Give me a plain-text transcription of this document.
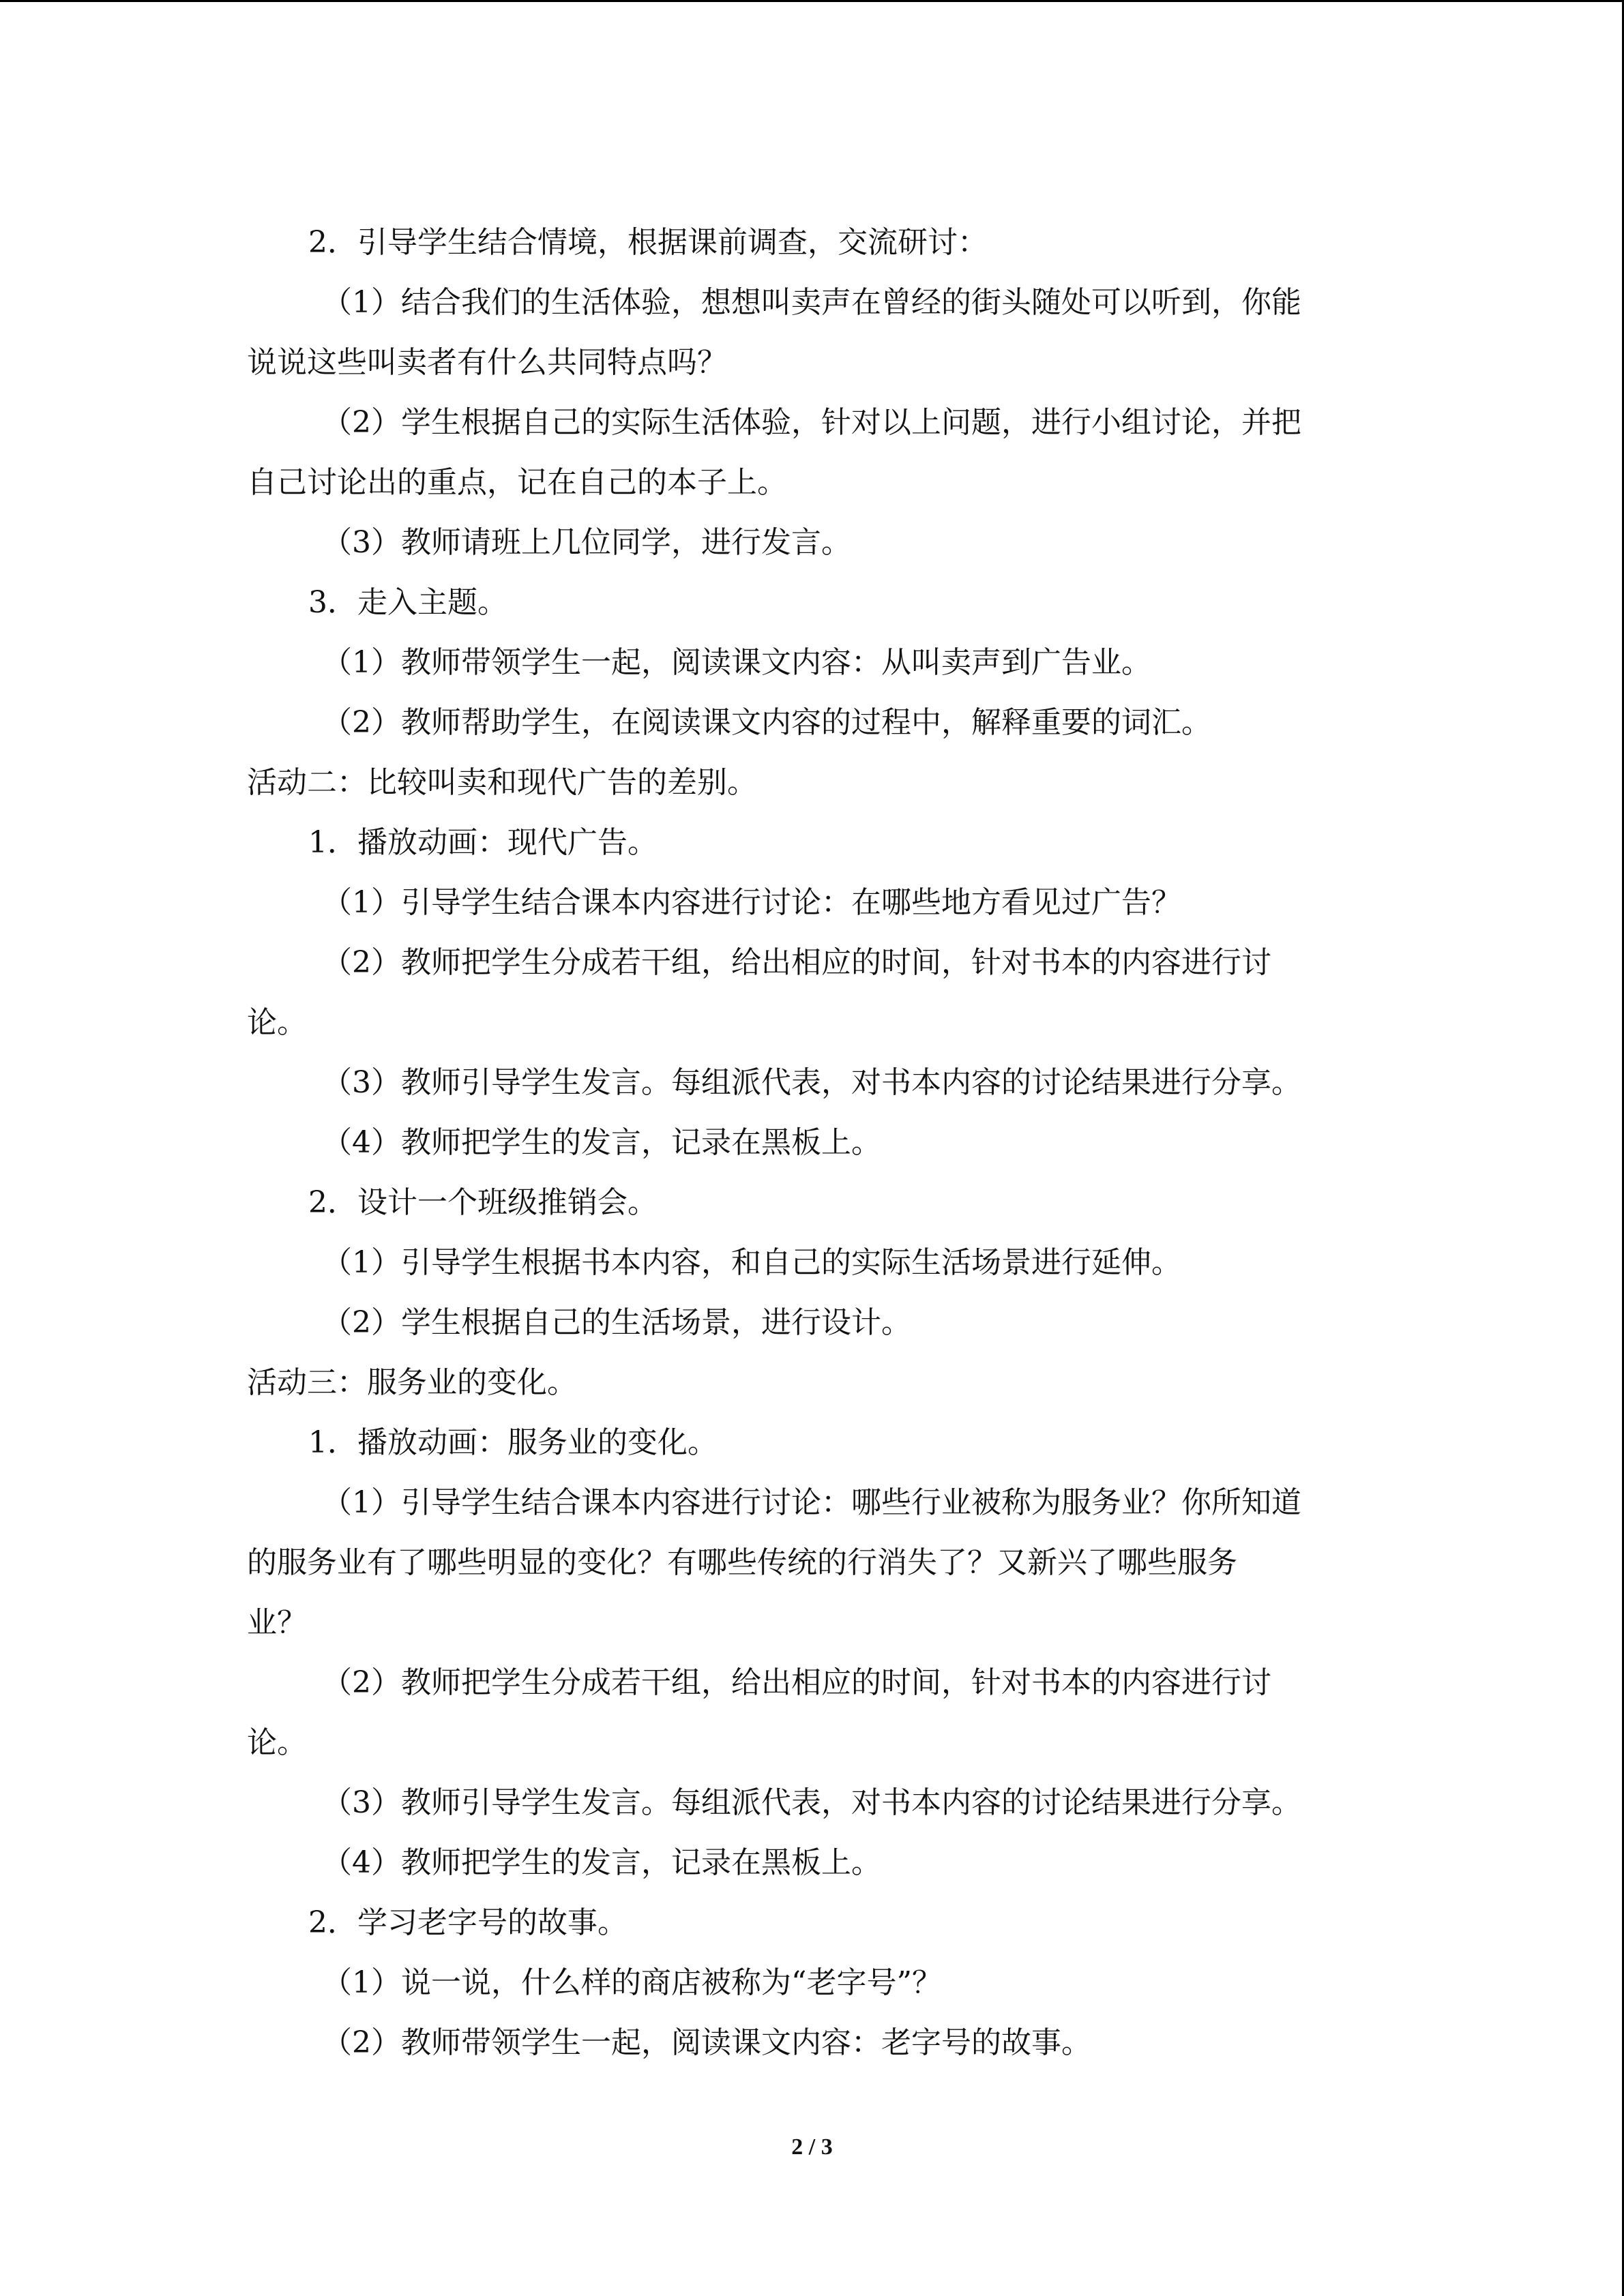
2．引导学生结合情境，根据课前调查，交流研讨：

（1）结合我们的生活体验，想想叫卖声在曾经的街头随处可以听到，你能

说说这些叫卖者有什么共同特点吗？

（2）学生根据自己的实际生活体验，针对以上问题，进行小组讨论，并把

自己讨论出的重点，记在自己的本子上。

（3）教师请班上几位同学，进行发言。

3．走入主题。

（1）教师带领学生一起，阅读课文内容：从叫卖声到广告业。

（2）教师帮助学生，在阅读课文内容的过程中，解释重要的词汇。

活动二：比较叫卖和现代广告的差别。

1．播放动画：现代广告。

（1）引导学生结合课本内容进行讨论：在哪些地方看见过广告？

（2）教师把学生分成若干组，给出相应的时间，针对书本的内容进行讨

论。

（3）教师引导学生发言。每组派代表，对书本内容的讨论结果进行分享。

（4）教师把学生的发言，记录在黑板上。

2．设计一个班级推销会。

（1）引导学生根据书本内容，和自己的实际生活场景进行延伸。

（2）学生根据自己的生活场景，进行设计。

活动三：服务业的变化。

1．播放动画：服务业的变化。

（1）引导学生结合课本内容进行讨论：哪些行业被称为服务业？你所知道

的服务业有了哪些明显的变化？有哪些传统的行消失了？又新兴了哪些服务

业？

（2）教师把学生分成若干组，给出相应的时间，针对书本的内容进行讨

论。

（3）教师引导学生发言。每组派代表，对书本内容的讨论结果进行分享。

（4）教师把学生的发言，记录在黑板上。

2．学习老字号的故事。

（1）说一说，什么样的商店被称为“老字号”？

（2）教师带领学生一起，阅读课文内容：老字号的故事。

2 / 3
